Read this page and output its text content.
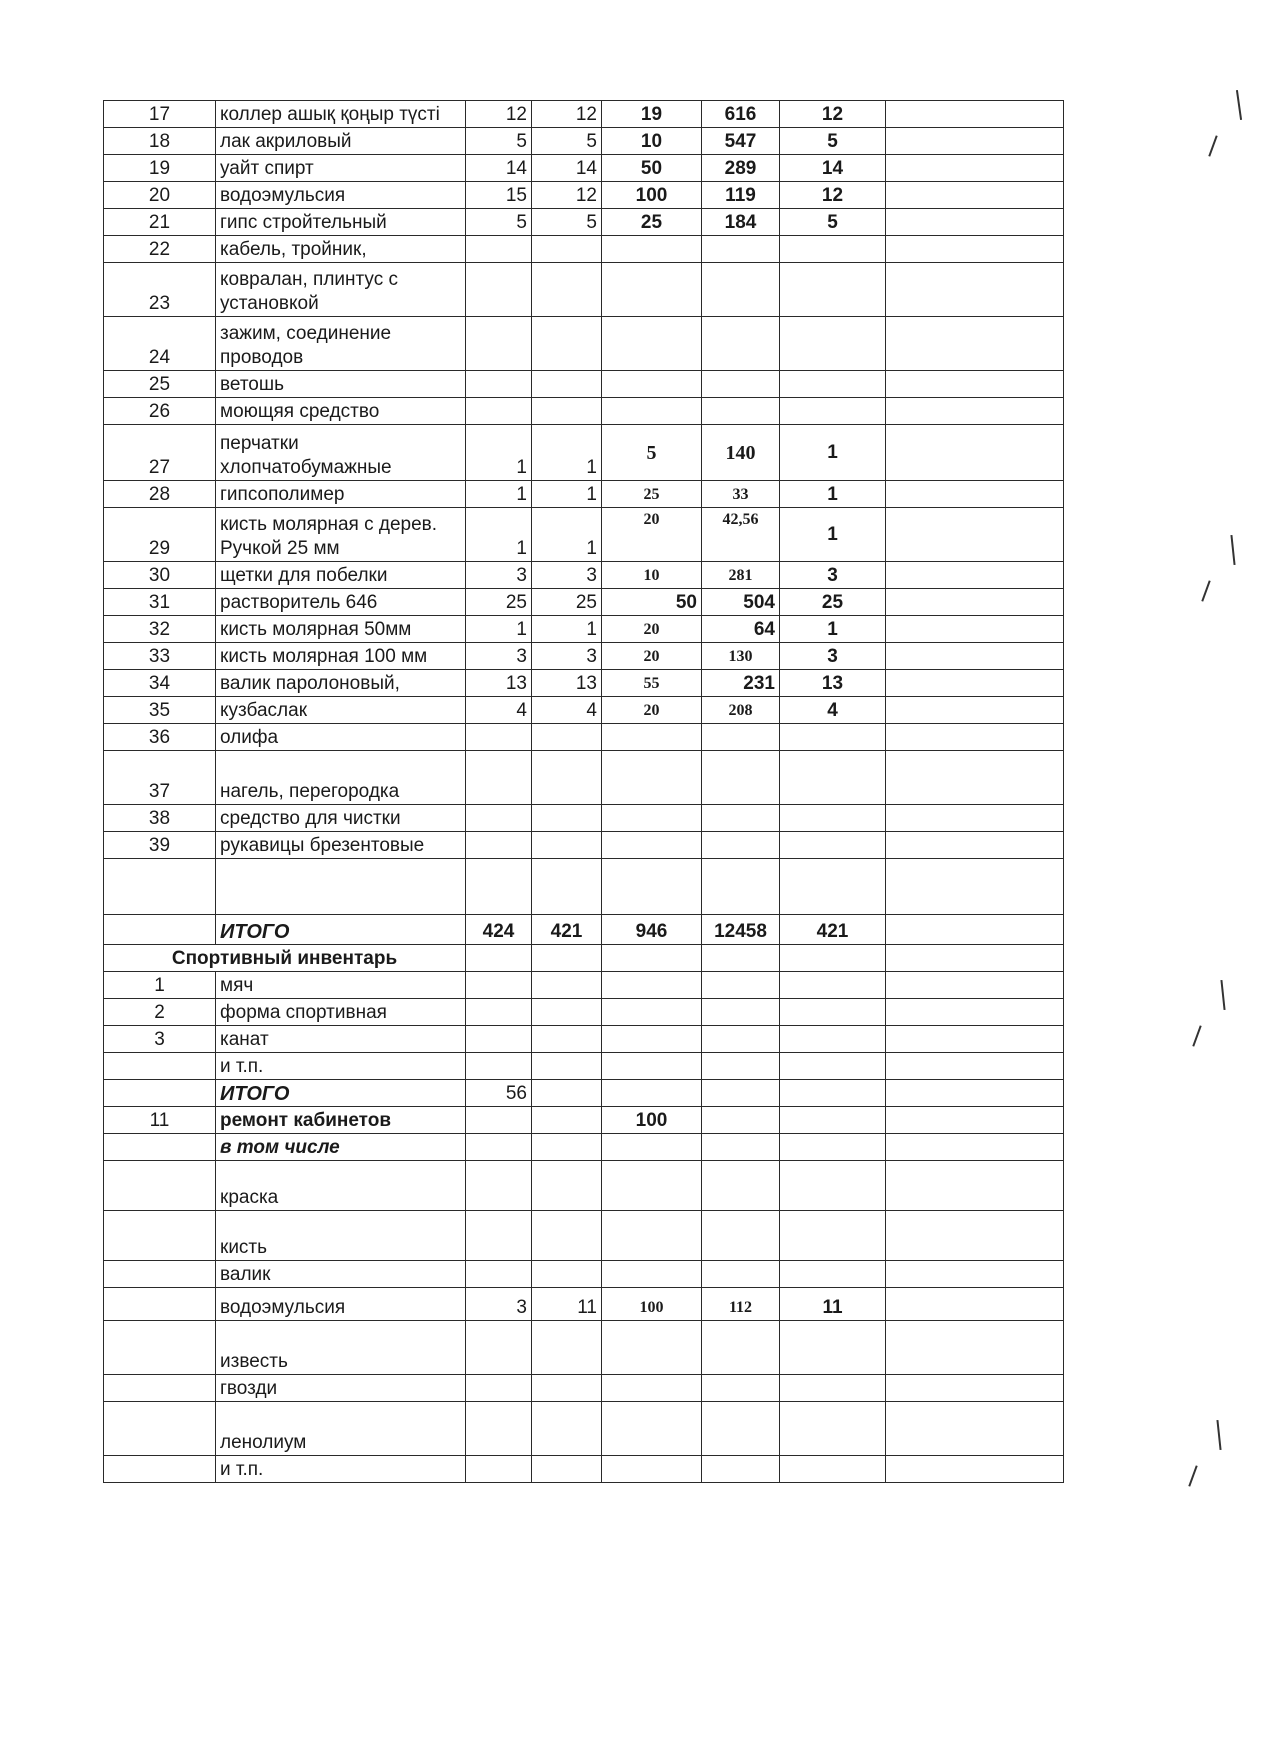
17	коллер ашық қоңыр түсті	12	12	19	616	12	
18	лак акриловый	5	5	10	547	5	
19	уайт спирт	14	14	50	289	14	
20	водоэмульсия	15	12	100	119	12	
21	гипс стройтельный	5	5	25	184	5	
22	кабель, тройник,						
23	ковралан, плинтус с установкой						
24	зажим, соединение проводов						
25	ветошь						
26	моющяя средство						
27	перчатки хлопчатобумажные	1	1	5	140	1	
28	гипсополимер	1	1	25	33	1	
29	кисть молярная с дерев. Ручкой 25 мм	1	1	20	42,56	1	
30	щетки для побелки	3	3	10	281	3	
31	растворитель 646	25	25	50	504	25	
32	кисть молярная 50мм	1	1	20	64	1	
33	кисть молярная 100 мм	3	3	20	130	3	
34	валик паролоновый,	13	13	55	231	13	
35	кузбаслак	4	4	20	208	4	
36	олифа						
37	нагель, перегородка						
38	средство для чистки						
39	рукавицы брезентовые						

	ИТОГО	424	421	946	12458	421	
Спортивный инвентарь							
1	мяч						
2	форма спортивная						
3	канат						
	и т.п.						
	ИТОГО	56					
11	ремонт кабинетов			100			
	в том числе						
	краска						
	кисть						
	валик						
	водоэмульсия	3	11	100	112	11	
	известь						
	гвозди						
	ленолиум						
	и т.п.						
